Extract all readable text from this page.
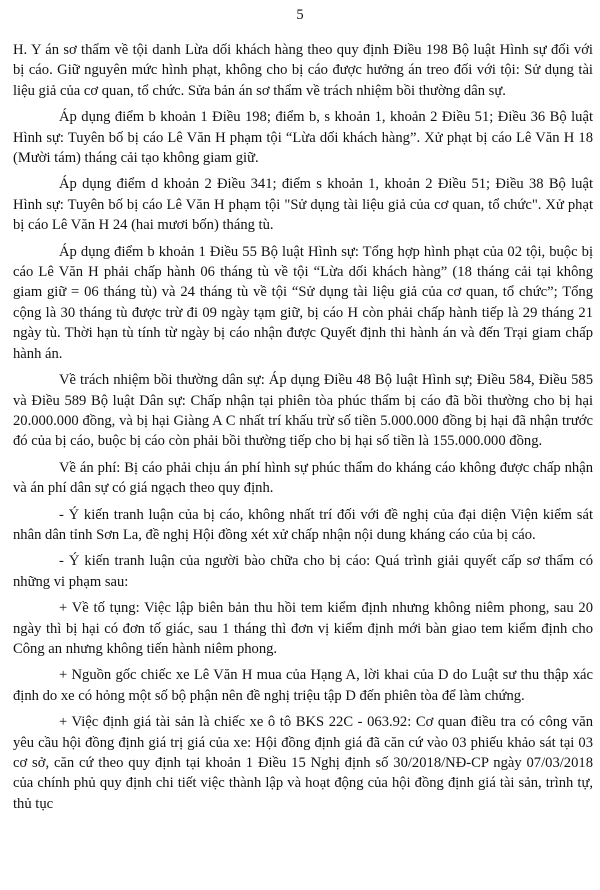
5

H. Y án sơ thẩm về tội danh Lừa dối khách hàng theo quy định Điều 198 Bộ luật Hình sự đối với bị cáo. Giữ nguyên mức hình phạt, không cho bị cáo được hưởng án treo đối với tội: Sử dụng tài liệu giả của cơ quan, tổ chức. Sửa bản án sơ thẩm về trách nhiệm bồi thường dân sự.

Áp dụng điểm b khoản 1 Điều 198; điểm b, s khoản 1, khoản 2 Điều 51; Điều 36 Bộ luật Hình sự: Tuyên bố bị cáo Lê Văn H phạm tội “Lừa dối khách hàng”. Xử phạt bị cáo Lê Văn H 18 (Mười tám) tháng cải tạo không giam giữ.

Áp dụng điểm d khoản 2 Điều 341; điểm s khoản 1, khoản 2 Điều 51; Điều 38 Bộ luật Hình sự: Tuyên bố bị cáo Lê Văn H phạm tội "Sử dụng tài liệu giả của cơ quan, tổ chức". Xử phạt bị cáo Lê Văn H 24 (hai mươi bốn) tháng tù.

Áp dụng điểm b khoản 1 Điều 55 Bộ luật Hình sự: Tổng hợp hình phạt của 02 tội, buộc bị cáo Lê Văn H phải chấp hành 06 tháng tù về tội “Lừa dối khách hàng” (18 tháng cải tại không giam giữ = 06 tháng tù) và 24 tháng tù về tội “Sử dụng tài liệu giả của cơ quan, tổ chức”; Tổng cộng là 30 tháng tù được trừ đi 09 ngày tạm giữ, bị cáo H còn phải chấp hành tiếp là 29 tháng 21 ngày tù. Thời hạn tù tính từ ngày bị cáo nhận được Quyết định thi hành án và đến Trại giam chấp hành án.

Về trách nhiệm bồi thường dân sự: Áp dụng Điều 48 Bộ luật Hình sự; Điều 584, Điều 585 và Điều 589 Bộ luật Dân sự: Chấp nhận tại phiên tòa phúc thẩm bị cáo đã bồi thường cho bị hại 20.000.000 đồng, và bị hại Giàng A C nhất trí khấu trừ số tiền 5.000.000 đồng bị hại đã nhận trước đó của bị cáo, buộc bị cáo còn phải bồi thường tiếp cho bị hại số tiền là 155.000.000 đồng.

Về án phí: Bị cáo phải chịu án phí hình sự phúc thẩm do kháng cáo không được chấp nhận và án phí dân sự có giá ngạch theo quy định.

- Ý kiến tranh luận của bị cáo, không nhất trí đối với đề nghị của đại diện Viện kiểm sát nhân dân tỉnh Sơn La, đề nghị Hội đồng xét xử chấp nhận nội dung kháng cáo của bị cáo.

- Ý kiến tranh luận của người bào chữa cho bị cáo: Quá trình giải quyết cấp sơ thẩm có những vi phạm sau:

+ Về tố tụng: Việc lập biên bản thu hồi tem kiểm định nhưng không niêm phong, sau 20 ngày thì bị hại có đơn tố giác, sau 1 tháng thì đơn vị kiểm định mới bàn giao tem kiểm định cho Công an nhưng không tiến hành niêm phong.

+ Nguồn gốc chiếc xe Lê Văn H mua của Hạng A, lời khai của D do Luật sư thu thập xác định do xe có hỏng một số bộ phận nên đề nghị triệu tập D đến phiên tòa để làm chứng.

+ Việc định giá tài sản là chiếc xe ô tô BKS 22C - 063.92: Cơ quan điều tra có công văn yêu cầu hội đồng định giá trị giá của xe: Hội đồng định giá đã căn cứ vào 03 phiếu khảo sát tại 03 cơ sở, căn cứ theo quy định tại khoản 1 Điều 15 Nghị định số 30/2018/NĐ-CP ngày 07/03/2018 của chính phủ quy định chi tiết việc thành lập và hoạt động của hội đồng định giá tài sản, trình tự, thủ tục
